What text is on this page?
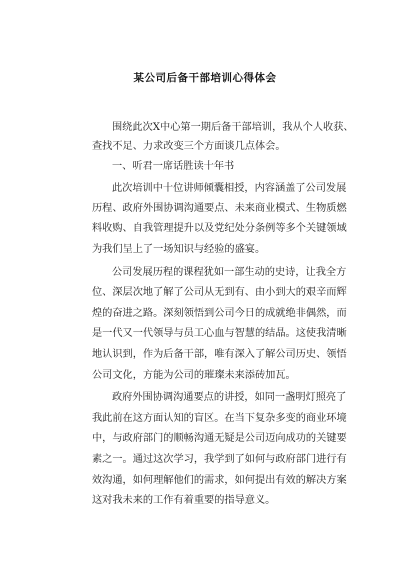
某公司后备干部培训心得体会
围绕此次X中心第一期后备干部培训，我从个人收获、
查找不足、力求改变三个方面谈几点体会。
一、听君一席话胜读十年书
此次培训中十位讲师倾囊相授，内容涵盖了公司发展
历程、政府外围协调沟通要点、未来商业模式、生物质燃
料收购、自我管理提升以及党纪处分条例等多个关键领域
为我们呈上了一场知识与经验的盛宴。
公司发展历程的课程犹如一部生动的史诗，让我全方
位、深层次地了解了公司从无到有、由小到大的艰辛而辉
煌的奋进之路。深刻领悟到公司今日的成就绝非偶然，而
是一代又一代领导与员工心血与智慧的结晶。这使我清晰
地认识到，作为后备干部，唯有深入了解公司历史、领悟
公司文化，方能为公司的璀璨未来添砖加瓦。
政府外围协调沟通要点的讲授，如同一盏明灯照亮了
我此前在这方面认知的盲区。在当下复杂多变的商业环境
中，与政府部门的顺畅沟通无疑是公司迈向成功的关键要
素之一。通过这次学习，我学到了如何与政府部门进行有
效沟通，如何理解他们的需求，如何提出有效的解决方案
这对我未来的工作有着重要的指导意义。
